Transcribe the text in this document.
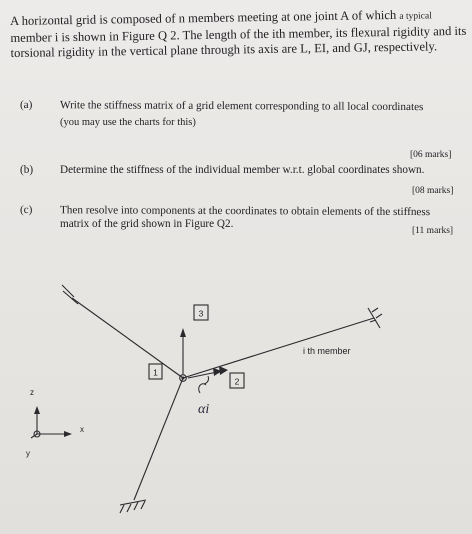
A horizontal grid is composed of n members meeting at one joint A of which a typical

member i is shown in Figure Q 2. The length of the ith member, its flexural rigidity and its

torsional rigidity in the vertical plane through its axis are L, EI, and GJ, respectively.

(a) Write the stiffness matrix of a grid element corresponding to all local coordinates
(you may use the charts for this)
[06 marks]
(b) Determine the stiffness of the individual member w.r.t. global coordinates shown.
[08 marks]
(c) Then resolve into components at the coordinates to obtain elements of the stiffness
matrix of the grid shown in Figure Q2.
[11 marks]
3
1
2
i th member
αi
z
x
y
